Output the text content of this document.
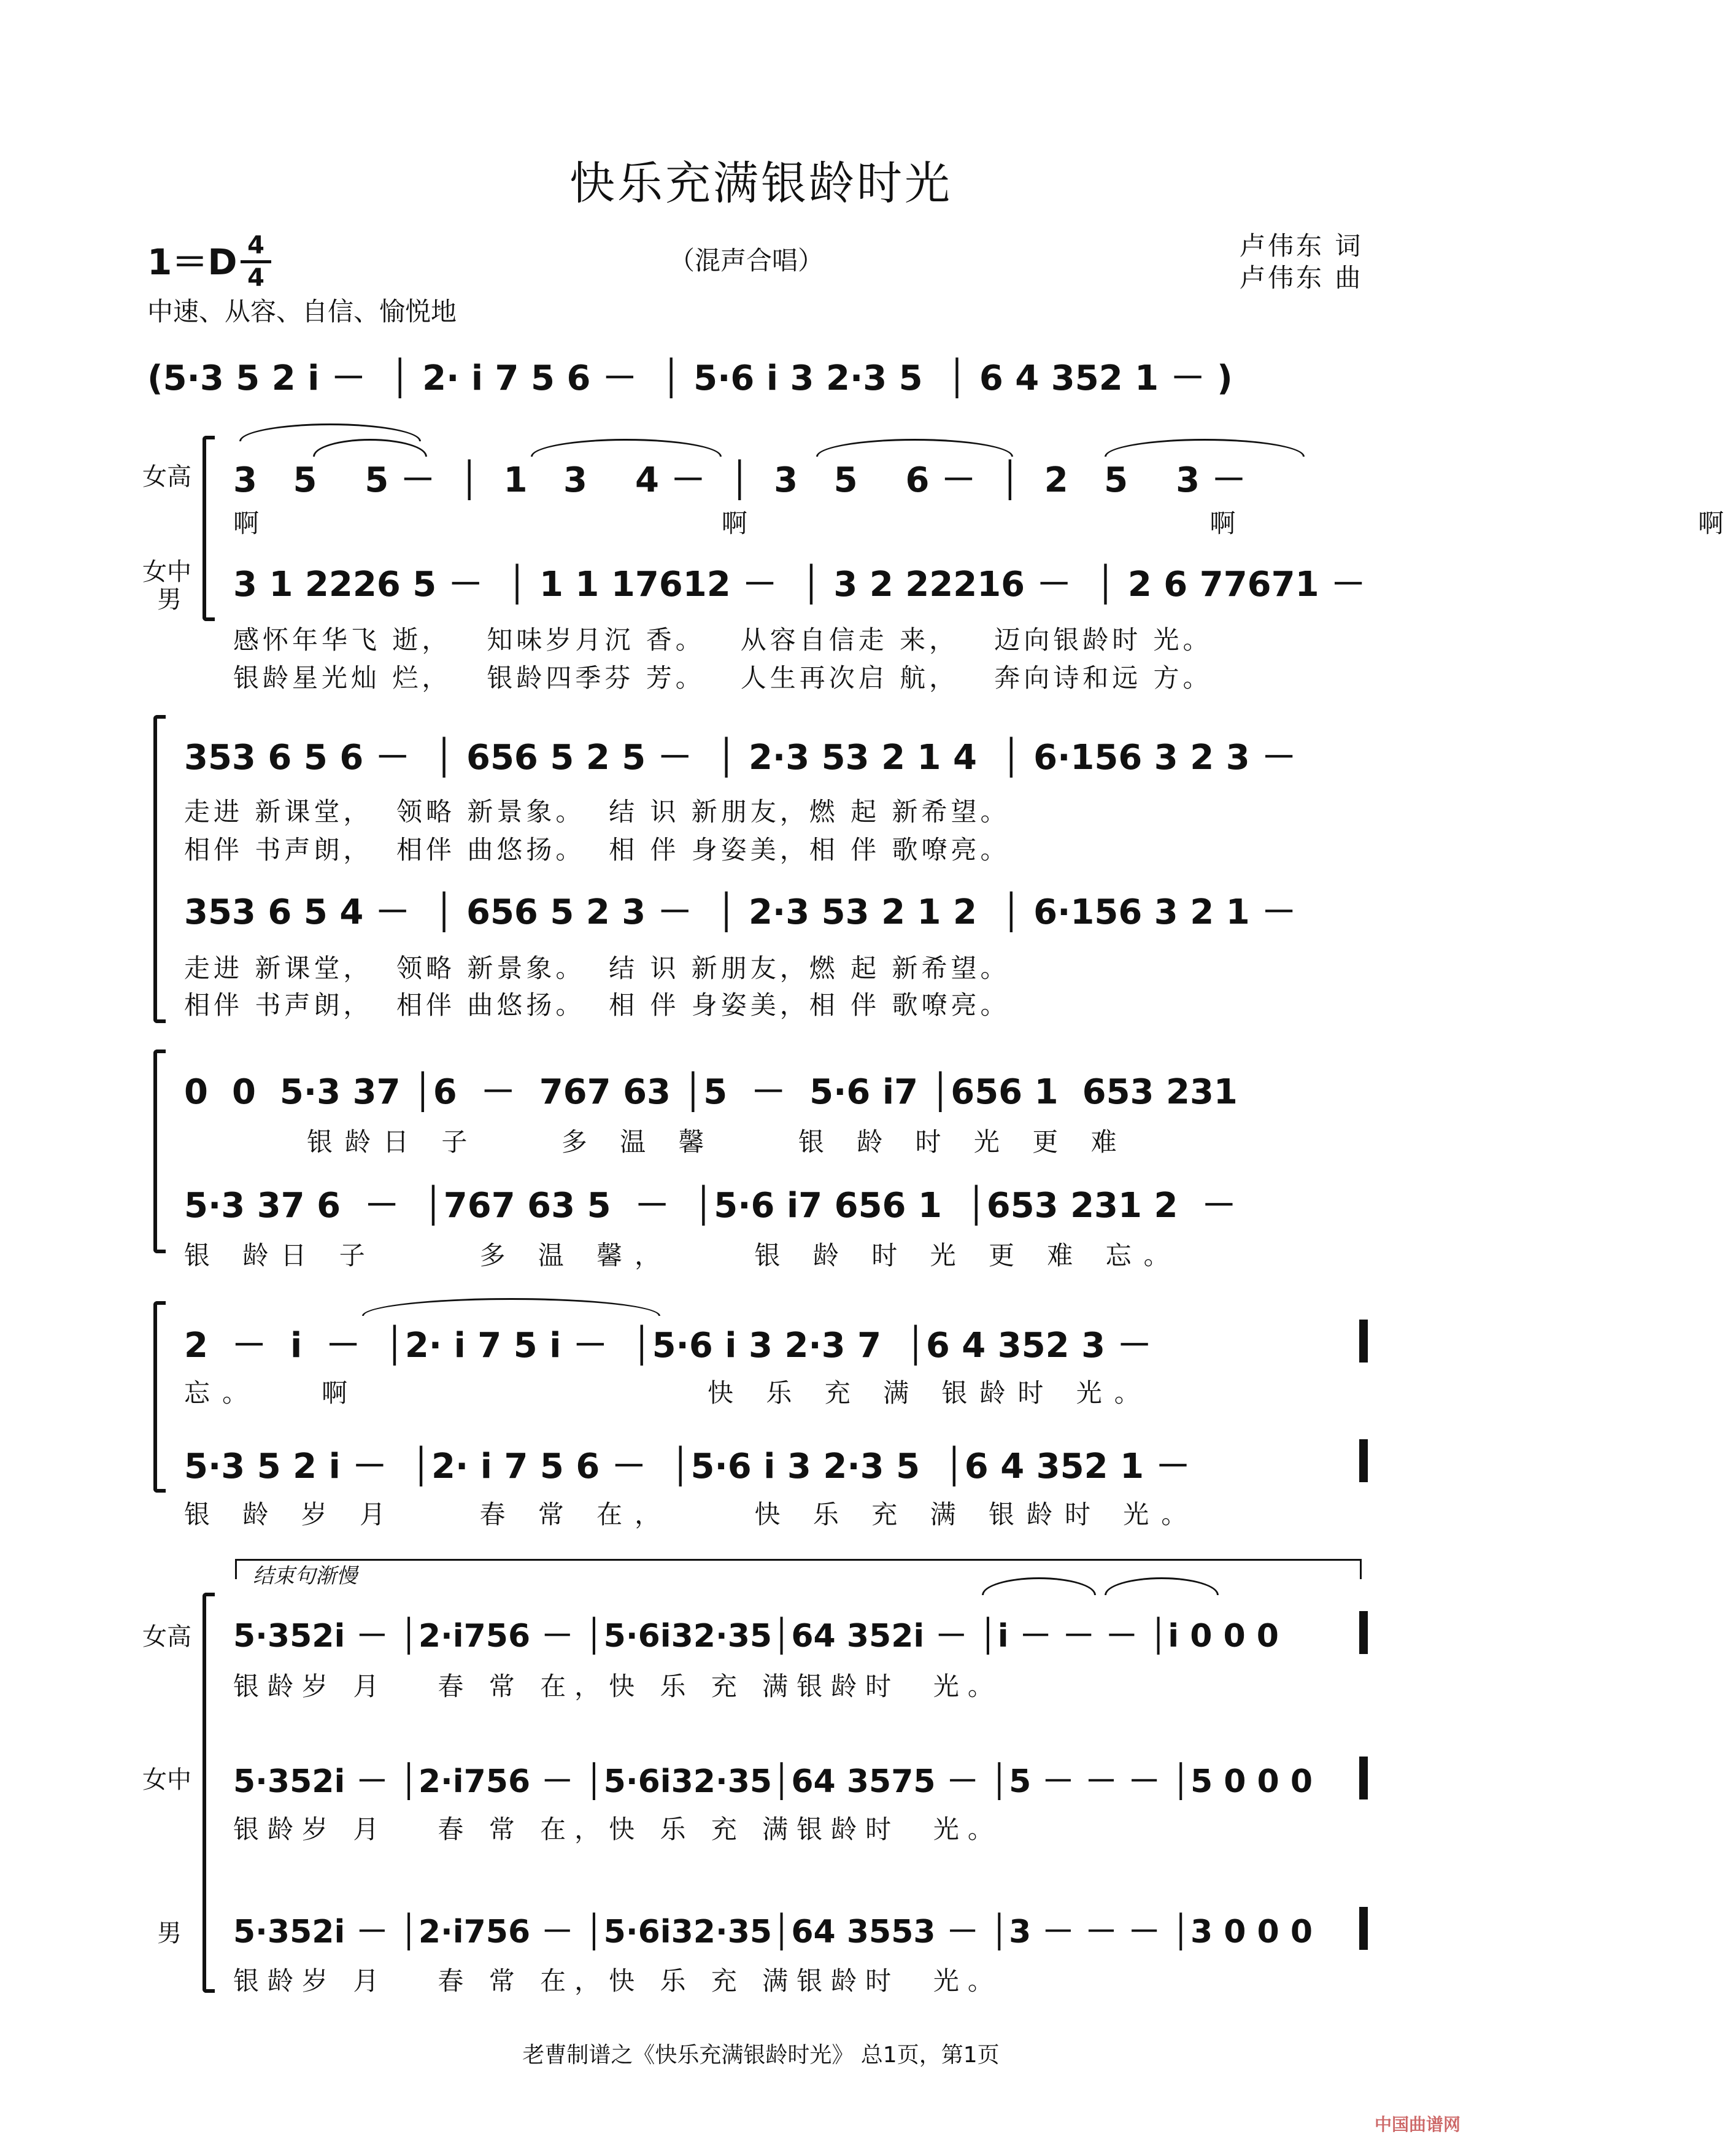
快乐充满银龄时光
1＝D 4
4
（混声合唱）
中速、从容、自信、愉悦地
卢伟东 词
卢伟东 曲
(5·3 5 2 i －  │ 2· i 7 5 6 －  │ 5·6 i 3 2·3 5  │ 6 4 352 1 － )
女高
女中
男
3   5    5 －  │  1   3    4 －  │  3   5    6 －  │  2   5    3 －
啊                      啊                      啊                      啊
3 1 2226 5 －  │ 1 1 17612 －  │ 3 2 22216 －  │ 2 6 77671 －
感怀年华飞 逝，   知味岁月沉 香。   从容自信走 来，   迈向银龄时 光。
银龄星光灿 烂，   银龄四季芬 芳。   人生再次启 航，   奔向诗和远 方。
353 6 5 6 －  │ 656 5 2 5 －  │ 2·3 53 2 1 4  │ 6·156 3 2 3 －
走进 新课堂，  领略 新景象。  结 识 新朋友，燃 起 新希望。
相伴 书声朗，  相伴 曲悠扬。  相 伴 身姿美，相 伴 歌嘹亮。
353 6 5 4 －  │ 656 5 2 3 －  │ 2·3 53 2 1 2  │ 6·156 3 2 1 －
走进 新课堂，  领略 新景象。  结 识 新朋友，燃 起 新希望。
相伴 书声朗，  相伴 曲悠扬。  相 伴 身姿美，相 伴 歌嘹亮。
0  0  5·3 37 │6  －  767 63 │5  －  5·6 i7 │656 1  653 231
银龄日 子    多 温 馨    银 龄 时 光 更 难
5·3 37 6  －  │767 63 5  －  │5·6 i7 656 1  │653 231 2  －
银 龄日 子     多 温 馨，    银 龄 时 光 更 难 忘。
2  －  i  －  │2· i 7 5 i －  │5·6 i 3 2·3 7  │6 4 352 3 －
忘。   啊                 快 乐 充 满 银龄时 光。
5·3 5 2 i －  │2· i 7 5 6 －  │5·6 i 3 2·3 5  │6 4 352 1 －
银 龄 岁 月    春 常 在，    快 乐 充 满 银龄时 光。
结束句渐慢
女高
女中
男
5·352i － │2·i756 － │5·6i32·35│64 352i － │i － － － │i 0 0 0
银龄岁 月   春 常 在，快 乐 充 满银龄时  光。
5·352i － │2·i756 － │5·6i32·35│64 3575 － │5 － － － │5 0 0 0
银龄岁 月   春 常 在，快 乐 充 满银龄时  光。
5·352i － │2·i756 － │5·6i32·35│64 3553 － │3 － － － │3 0 0 0
银龄岁 月   春 常 在，快 乐 充 满银龄时  光。
老曹制谱之《快乐充满银龄时光》 总1页，第1页
中国曲谱网
